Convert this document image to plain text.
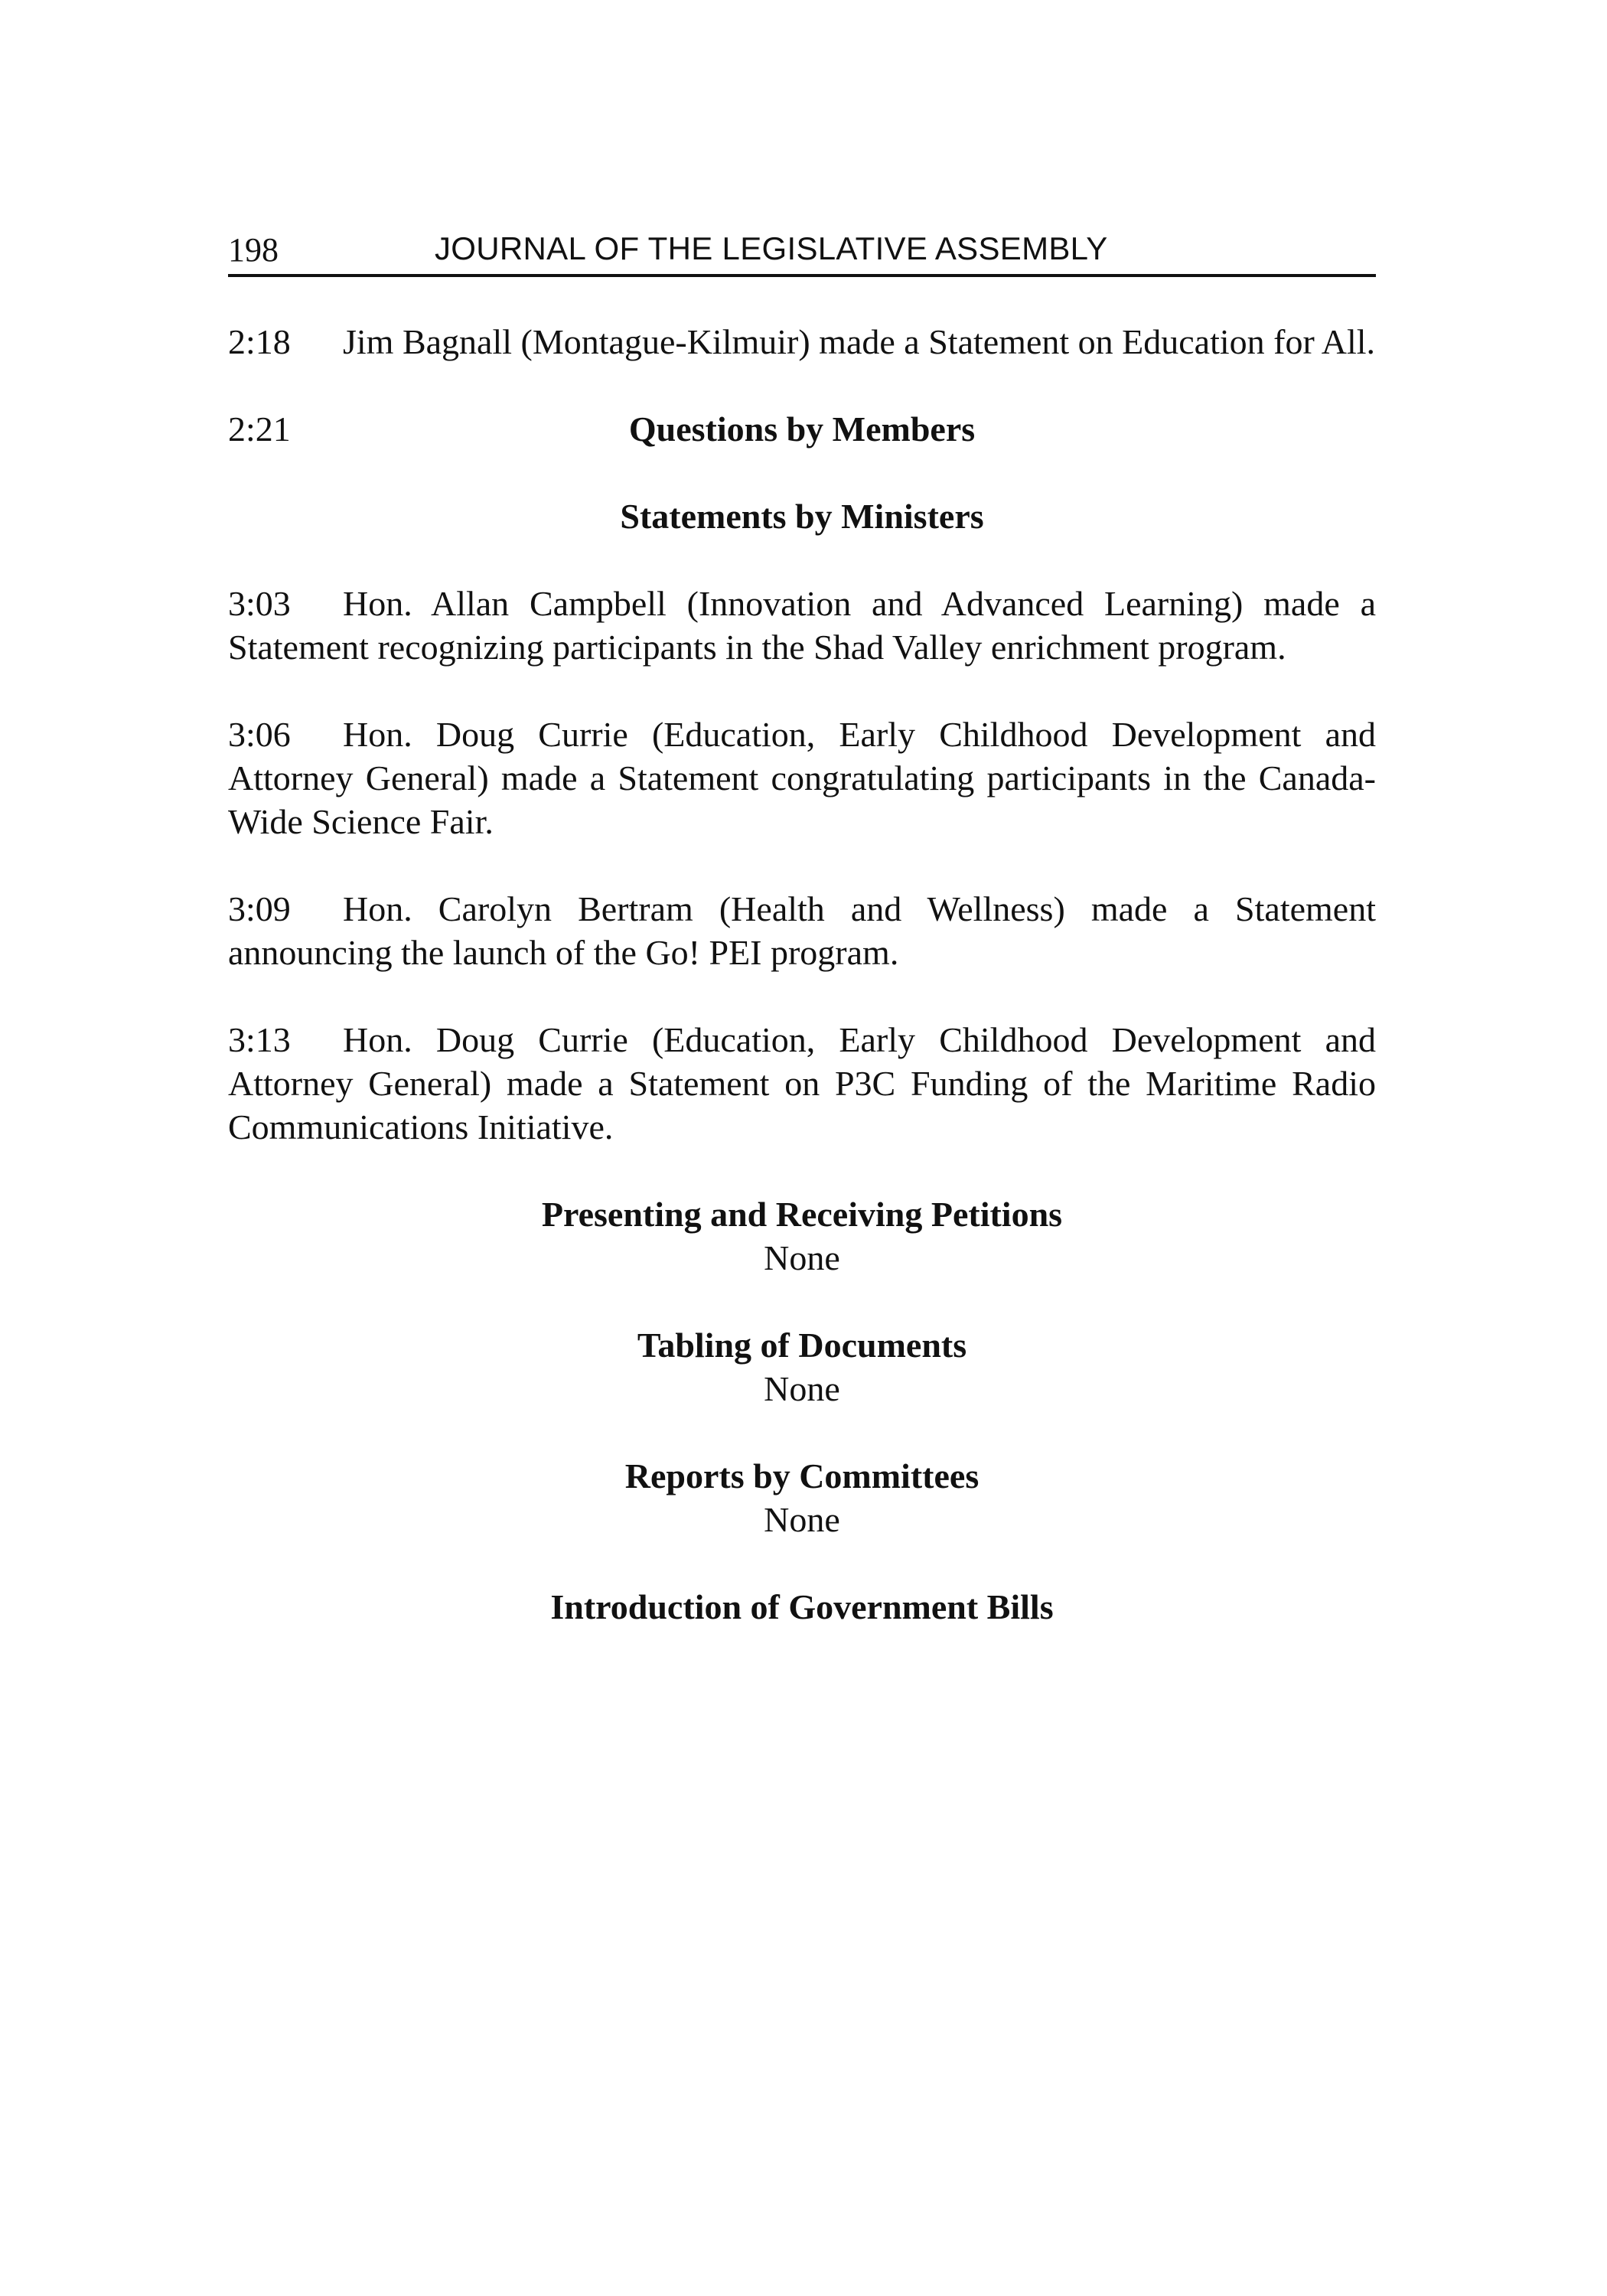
198	JOURNAL OF THE LEGISLATIVE ASSEMBLY

2:18 Jim Bagnall (Montague-Kilmuir) made a Statement on Education for All.

2:21	Questions by Members

Statements by Ministers

3:03 Hon. Allan Campbell (Innovation and Advanced Learning) made a Statement recognizing participants in the Shad Valley enrichment program.

3:06 Hon. Doug Currie (Education, Early Childhood Development and Attorney General) made a Statement congratulating participants in the Canada-Wide Science Fair.

3:09 Hon. Carolyn Bertram (Health and Wellness) made a Statement announcing the launch of the Go! PEI program.

3:13 Hon. Doug Currie (Education, Early Childhood Development and Attorney General) made a Statement on P3C Funding of the Maritime Radio Communications Initiative.

Presenting and Receiving Petitions

None

Tabling of Documents

None

Reports by Committees

None

Introduction of Government Bills
